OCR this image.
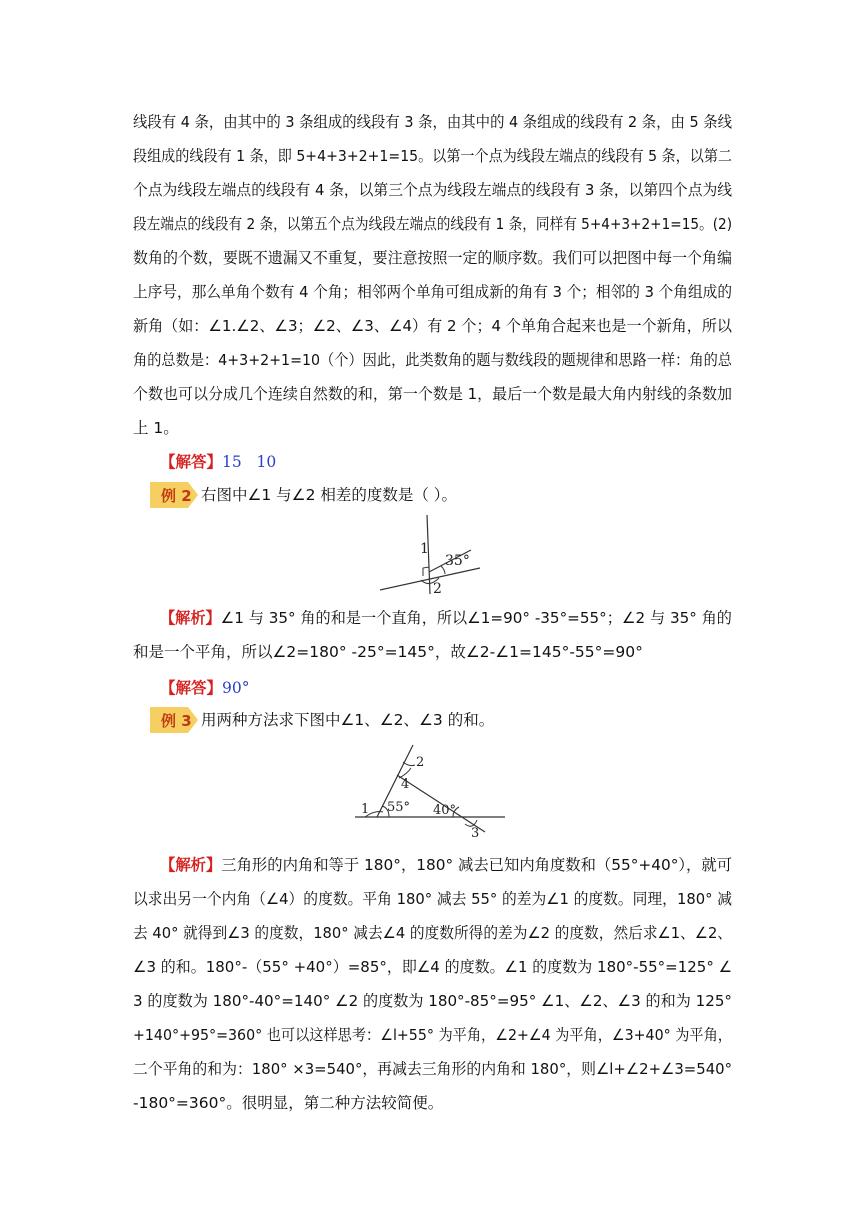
线段有 4 条，由其中的 3 条组成的线段有 3 条，由其中的 4 条组成的线段有 2 条，由 5 条线
段组成的线段有 1 条，即 5+4+3+2+1=15。以第一个点为线段左端点的线段有 5 条，以第二
个点为线段左端点的线段有 4 条，以第三个点为线段左端点的线段有 3 条，以第四个点为线
段左端点的线段有 2 条，以第五个点为线段左端点的线段有 1 条，同样有 5+4+3+2+1=15。(2)
数角的个数，要既不遗漏又不重复，要注意按照一定的顺序数。我们可以把图中每一个角编
上序号，那么单角个数有 4 个角；相邻两个单角可组成新的角有 3 个；相邻的 3 个角组成的
新角（如：∠1.∠2、∠3；∠2、∠3、∠4）有 2 个；4 个单角合起来也是一个新角，所以
角的总数是：4+3+2+1=10（个）因此，此类数角的题与数线段的题规律和思路一样：角的总
个数也可以分成几个连续自然数的和，第一个数是 1，最后一个数是最大角内射线的条数加
上 1。
【解答】15   10
例 2 右图中∠1 与∠2 相差的度数是（ ）。
1
35°
2
【解析】∠1 与 35° 角的和是一个直角，所以∠1=90° -35°=55°；∠2 与 35° 角的
和是一个平角，所以∠2=180° -25°=145°，故∠2-∠1=145°-55°=90°
【解答】90°
例 3 用两种方法求下图中∠1、∠2、∠3 的和。
2
4
1 55° 40°
3
【解析】三角形的内角和等于 180°，180° 减去已知内角度数和（55°+40°），就可
以求出另一个内角（∠4）的度数。平角 180° 减去 55° 的差为∠1 的度数。同理，180° 减
去 40° 就得到∠3 的度数，180° 减去∠4 的度数所得的差为∠2 的度数，然后求∠1、∠2、
∠3 的和。180°-（55° +40°）=85°，即∠4 的度数。∠1 的度数为 180°-55°=125° ∠
3 的度数为 180°-40°=140° ∠2 的度数为 180°-85°=95° ∠1、∠2、∠3 的和为 125°
+140°+95°=360° 也可以这样思考：∠l+55° 为平角，∠2+∠4 为平角，∠3+40° 为平角，
二个平角的和为：180° ×3=540°，再减去三角形的内角和 180°，则∠l+∠2+∠3=540°
-180°=360°。很明显，第二种方法较简便。
